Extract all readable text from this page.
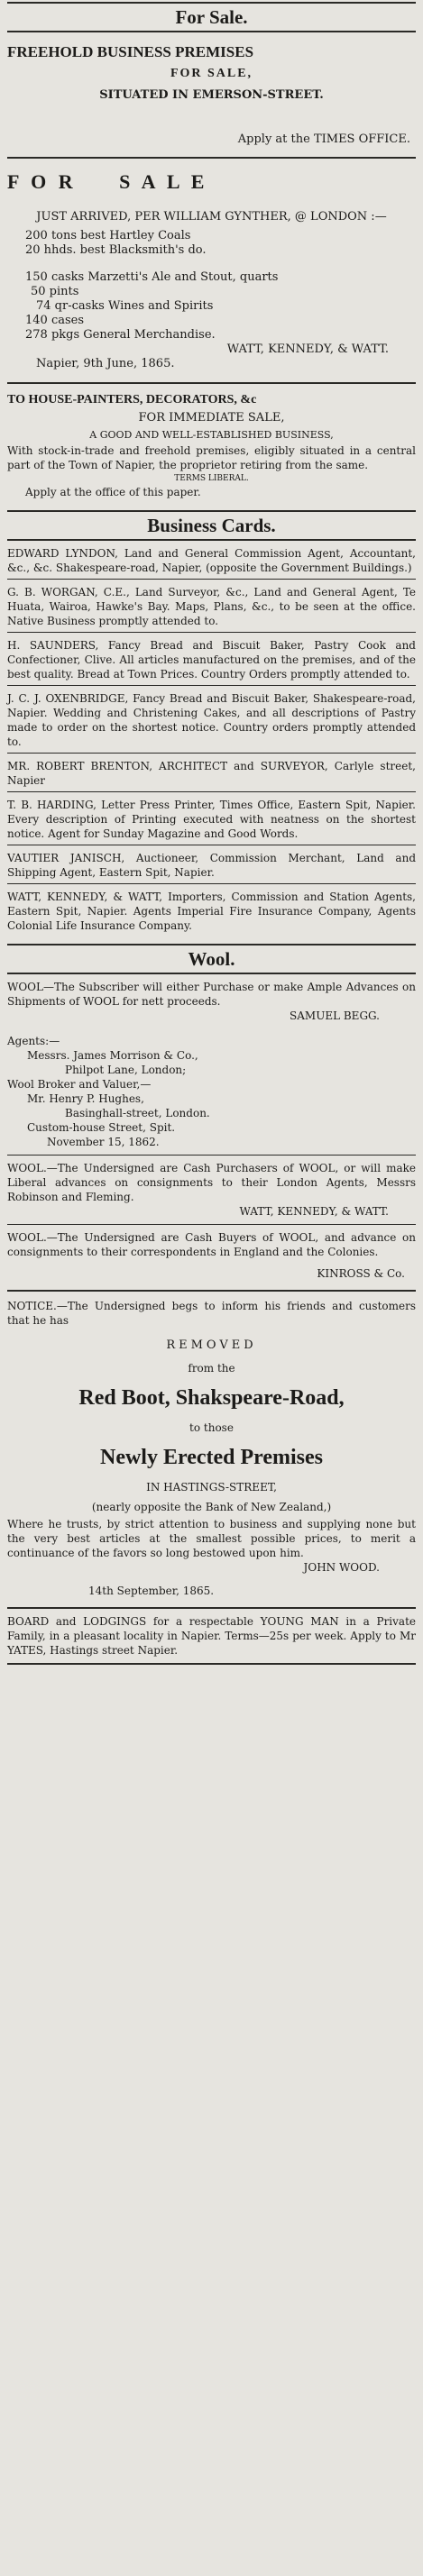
For Sale.
FREEHOLD BUSINESS PREMISES
FOR SALE,
SITUATED IN EMERSON-STREET.
Apply at the TIMES OFFICE.
F O R     S A L E
JUST ARRIVED, PER WILLIAM GYNTHER, @ LONDON :—
200 tons best Hartley Coals
20 hhds. best Blacksmith's do.
150 casks Marzetti's Ale and Stout, quarts
50 pints
74 qr-casks Wines and Spirits
140 cases
278 pkgs General Merchandise.
WATT, KENNEDY, & WATT.
Napier, 9th June, 1865.
TO HOUSE-PAINTERS, DECORATORS, &c
FOR IMMEDIATE SALE,
A GOOD AND WELL-ESTABLISHED BUSINESS,
With stock-in-trade and freehold premises, eligibly situated in a central part of the Town of Napier, the proprietor retiring from the same.
TERMS LIBERAL.
Apply at the office of this paper.
Business Cards.
EDWARD LYNDON, Land and General Commission Agent, Accountant, &c., &c. Shakespeare-road, Napier, (opposite the Government Buildings.)
G. B. WORGAN, C.E., Land Surveyor, &c., Land and General Agent, Te Huata, Wairoa, Hawke's Bay. Maps, Plans, &c., to be seen at the office. Native Business promptly attended to.
H. SAUNDERS, Fancy Bread and Biscuit Baker, Pastry Cook and Confectioner, Clive. All articles manufactured on the premises, and of the best quality. Bread at Town Prices. Country Orders promptly attended to.
J. C. J. OXENBRIDGE, Fancy Bread and Biscuit Baker, Shakespeare-road, Napier. Wedding and Christening Cakes, and all descriptions of Pastry made to order on the shortest notice. Country orders promptly attended to.
MR. ROBERT BRENTON, ARCHITECT and SURVEYOR, Carlyle street, Napier
T. B. HARDING, Letter Press Printer, Times Office, Eastern Spit, Napier. Every description of Printing executed with neatness on the shortest notice. Agent for Sunday Magazine and Good Words.
VAUTIER JANISCH, Auctioneer, Commission Merchant, Land and Shipping Agent, Eastern Spit, Napier.
WATT, KENNEDY, & WATT, Importers, Commission and Station Agents, Eastern Spit, Napier. Agents Imperial Fire Insurance Company, Agents Colonial Life Insurance Company.
Wool.
WOOL—The Subscriber will either Purchase or make Ample Advances on Shipments of WOOL for nett proceeds.
SAMUEL BEGG.
Agents:—
Messrs. James Morrison & Co.,
Philpot Lane, London;
Wool Broker and Valuer,—
Mr. Henry P. Hughes,
Basinghall-street, London.
Custom-house Street, Spit.
November 15, 1862.
WOOL.—The Undersigned are Cash Purchasers of WOOL, or will make Liberal advances on consignments to their London Agents, Messrs Robinson and Fleming.
WATT, KENNEDY, & WATT.
WOOL.—The Undersigned are Cash Buyers of WOOL, and advance on consignments to their correspondents in England and the Colonies.
KINROSS & Co.
NOTICE.—The Undersigned begs to inform his friends and customers that he has
REMOVED
from the
Red Boot, Shakspeare-Road,
to those
Newly Erected Premises
IN HASTINGS-STREET,
(nearly opposite the Bank of New Zealand,)
Where he trusts, by strict attention to business and supplying none but the very best articles at the smallest possible prices, to merit a continuance of the favors so long bestowed upon him.
JOHN WOOD.
14th September, 1865.
BOARD and LODGINGS for a respectable YOUNG MAN in a Private Family, in a pleasant locality in Napier. Terms—25s per week. Apply to Mr YATES, Hastings street Napier.
